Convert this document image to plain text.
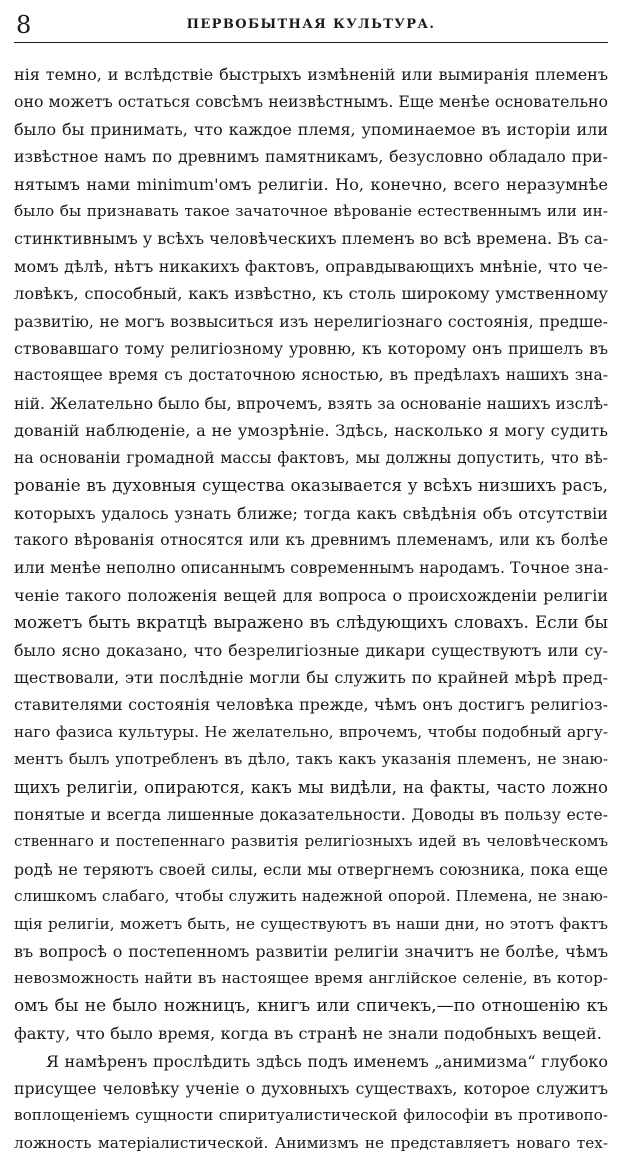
8	ПЕРВОБЫТНАЯ КУЛЬТУРА.
нія темно, и вслѣдствіе быстрыхъ измѣненій или вымиранія племенъ
оно можетъ остаться совсѣмъ неизвѣстнымъ. Еще менѣе основательно
было бы принимать, что каждое племя, упоминаемое въ исторіи или
извѣстное намъ по древнимъ памятникамъ, безусловно обладало при-
нятымъ нами minimum'омъ религіи. Но, конечно, всего неразумнѣе
было бы признавать такое зачаточное вѣрованіе естественнымъ или ин-
стинктивнымъ у всѣхъ человѣческихъ племенъ во всѣ времена. Въ са-
момъ дѣлѣ, нѣтъ никакихъ фактовъ, оправдывающихъ мнѣніе, что че-
ловѣкъ, способный, какъ извѣстно, къ столь широкому умственному
развитію, не могъ возвыситься изъ нерелигіознаго состоянія, предше-
ствовавшаго тому религіозному уровню, къ которому онъ пришелъ въ
настоящее время съ достаточною ясностью, въ предѣлахъ нашихъ зна-
ній. Желательно было бы, впрочемъ, взять за основаніе нашихъ изслѣ-
дованій наблюденіе, а не умозрѣніе. Здѣсь, насколько я могу судить
на основаніи громадной массы фактовъ, мы должны допустить, что вѣ-
рованіе въ духовныя существа оказывается у всѣхъ низшихъ расъ,
которыхъ удалось узнать ближе; тогда какъ свѣдѣнія объ отсутствіи
такого вѣрованія относятся или къ древнимъ племенамъ, или къ болѣе
или менѣе неполно описаннымъ современнымъ народамъ. Точное зна-
ченіе такого положенія вещей для вопроса о происхожденіи религіи
можетъ быть вкратцѣ выражено въ слѣдующихъ словахъ. Если бы
было ясно доказано, что безрелигіозные дикари существуютъ или су-
ществовали, эти послѣдніе могли бы служить по крайней мѣрѣ пред-
ставителями состоянія человѣка прежде, чѣмъ онъ достигъ религіоз-
наго фазиса культуры. Не желательно, впрочемъ, чтобы подобный аргу-
ментъ былъ употребленъ въ дѣло, такъ какъ указанія племенъ, не знаю-
щихъ религіи, опираются, какъ мы видѣли, на факты, часто ложно
понятые и всегда лишенные доказательности. Доводы въ пользу есте-
ственнаго и постепеннаго развитія религіозныхъ идей въ человѣческомъ
родѣ не теряютъ своей силы, если мы отвергнемъ союзника, пока еще
слишкомъ слабаго, чтобы служить надежной опорой. Племена, не знаю-
щія религіи, можетъ быть, не существуютъ въ наши дни, но этотъ фактъ
въ вопросѣ о постепенномъ развитіи религіи значитъ не болѣе, чѣмъ
невозможность найти въ настоящее время англійское селеніе, въ котор-
омъ бы не было ножницъ, книгъ или спичекъ,—по отношенію къ
факту, что было время, когда въ странѣ не знали подобныхъ вещей.
Я намѣренъ прослѣдить здѣсь подъ именемъ „анимизма“ глубоко
присущее человѣку ученіе о духовныхъ существахъ, которое служитъ
воплощеніемъ сущности спиритуалистической философіи въ противопо-
ложность матеріалистической. Анимизмъ не представляетъ новаго тех-
